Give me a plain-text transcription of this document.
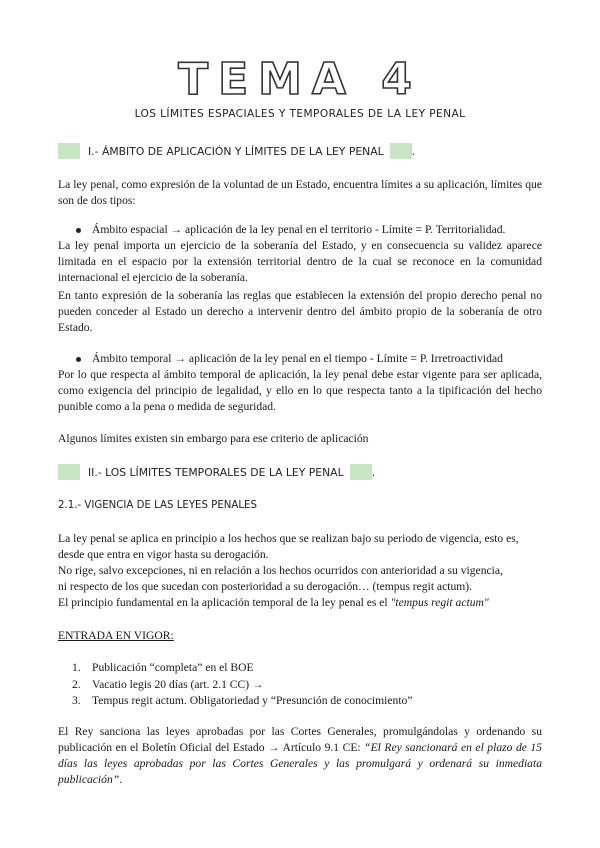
TEMA 4
LOS LÍMITES ESPACIALES Y TEMPORALES DE LA LEY PENAL
I.- ÁMBITO DE APLICACIÓN Y LÍMITES DE LA LEY PENAL	.
La ley penal, como expresión de la voluntad de un Estado, encuentra límites a su aplicación, límites que son de dos tipos:
Ámbito espacial → aplicación de la ley penal en el territorio - Límite = P. Territorialidad.
La ley penal importa un ejercicio de la soberanía del Estado, y en consecuencia su validez aparece limitada en el espacio por la extensión territorial dentro de la cual se reconoce en la comunidad internacional el ejercicio de la soberanía.
En tanto expresión de la soberanía las reglas que establecen la extensión del propio derecho penal no pueden conceder al Estado un derecho a intervenir dentro del ámbito propio de la soberanía de otro Estado.
Ámbito temporal → aplicación de la ley penal en el tiempo - Límite = P. Irretroactividad
Por lo que respecta al ámbito temporal de aplicación, la ley penal debe estar vigente para ser aplicada, como exigencia del principio de legalidad, y ello en lo que respecta tanto a la tipificación del hecho punible como a la pena o medida de seguridad.
Algunos límites existen sin embargo para ese criterio de aplicación
II.- LOS LÍMITES TEMPORALES DE LA LEY PENAL	.
2.1.- VIGENCIA DE LAS LEYES PENALES
La ley penal se aplica en principio a los hechos que se realizan bajo su periodo de vigencia, esto es,
desde que entra en vigor hasta su derogación.
No rige, salvo excepciones, ni en relación a los hechos ocurridos con anterioridad a su vigencia,
ni respecto de los que sucedan con posterioridad a su derogación… (tempus regit actum).
El principio fundamental en la aplicación temporal de la ley penal es el "tempus regit actum"
ENTRADA EN VIGOR:
1. Publicación “completa” en el BOE
2. Vacatio legis 20 días (art. 2.1 CC) →
3. Tempus regit actum. Obligatoriedad y “Presunción de conocimiento”
El Rey sanciona las leyes aprobadas por las Cortes Generales, promulgándolas y ordenando su publicación en el Boletín Oficial del Estado → Artículo 9.1 CE: “El Rey sancionará en el plazo de 15 días las leyes aprobadas por las Cortes Generales y las promulgará y ordenará su inmediata publicación”.
